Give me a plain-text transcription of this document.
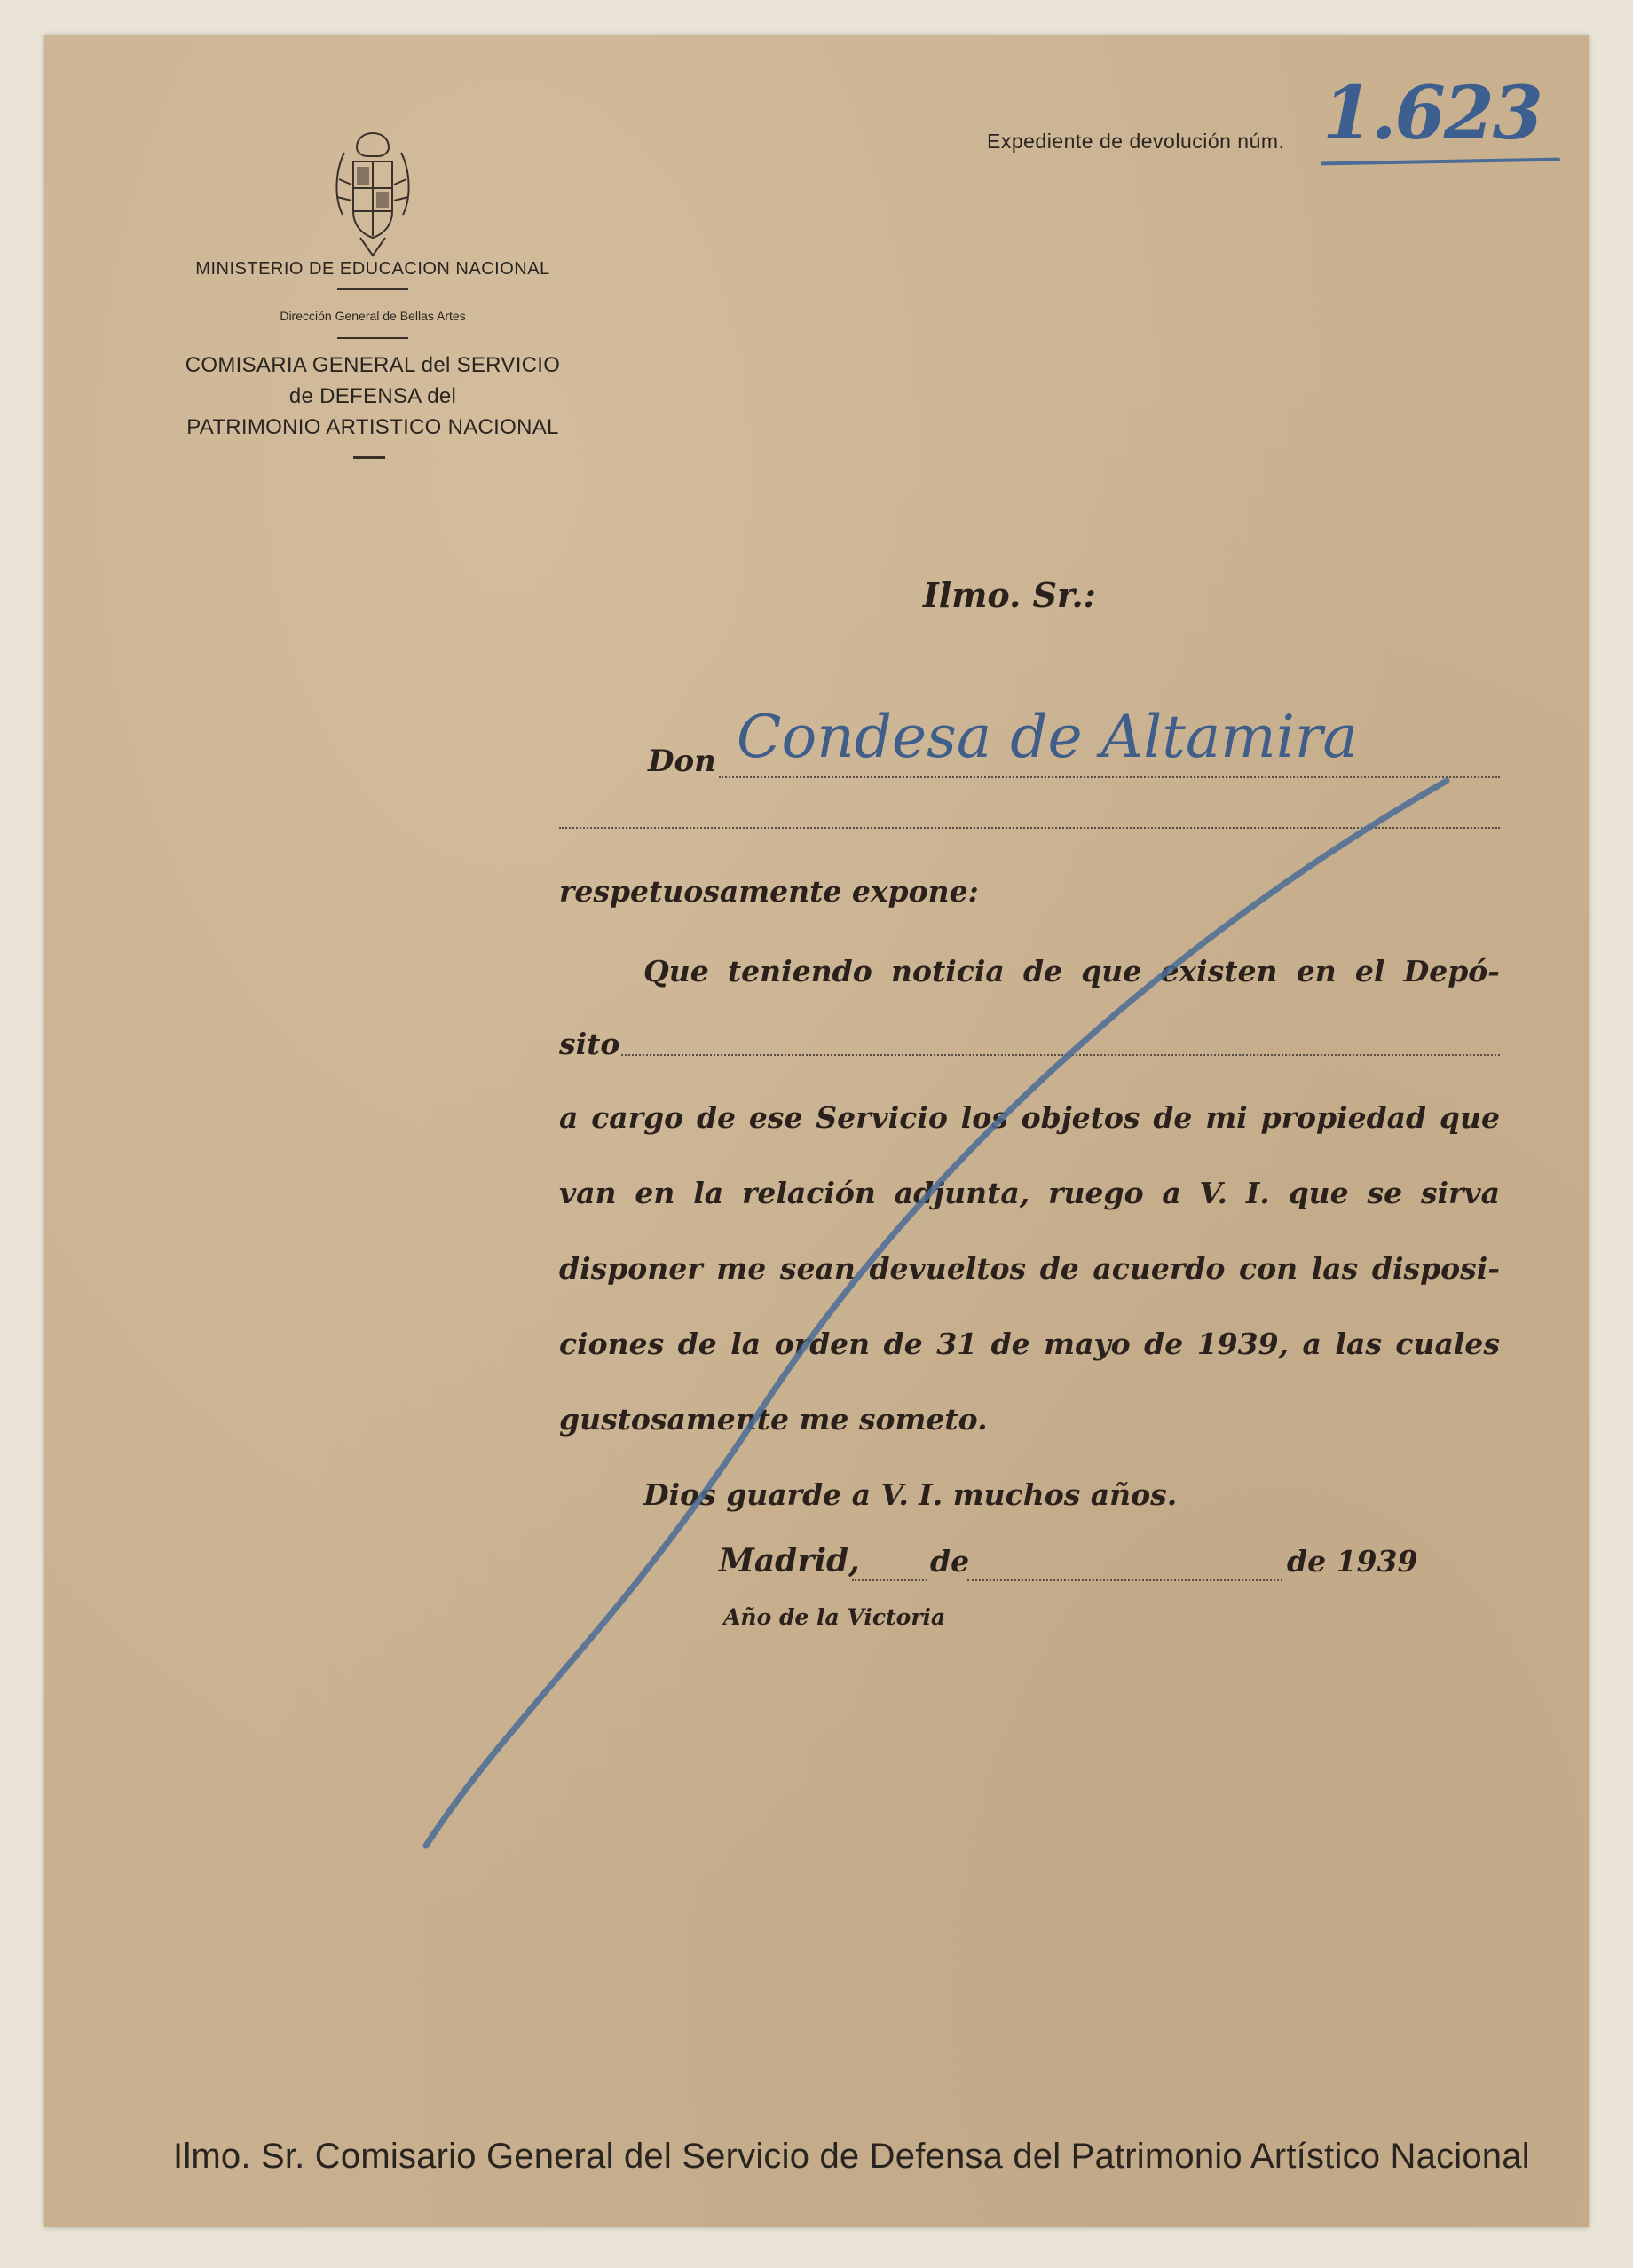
MINISTERIO DE EDUCACION NACIONAL
Dirección General de Bellas Artes
COMISARIA GENERAL del SERVICIO
de DEFENSA del
PATRIMONIO ARTISTICO NACIONAL
Expediente de devolución núm. 1.623
Ilmo. Sr.:
Don Condesa de Altamira
respetuosamente expone:
Que teniendo noticia de que existen en el Depó-
sito
a cargo de ese Servicio los objetos de mi propiedad que
van en la relación adjunta, ruego a V. I. que se sirva
disponer me sean devueltos de acuerdo con las disposi-
ciones de la orden de 31 de mayo de 1939, a las cuales
gustosamente me someto.
Dios guarde a V. I. muchos años.
Madrid, de	de 1939
Año de la Victoria
Ilmo. Sr. Comisario General del Servicio de Defensa del Patrimonio Artístico Nacional
